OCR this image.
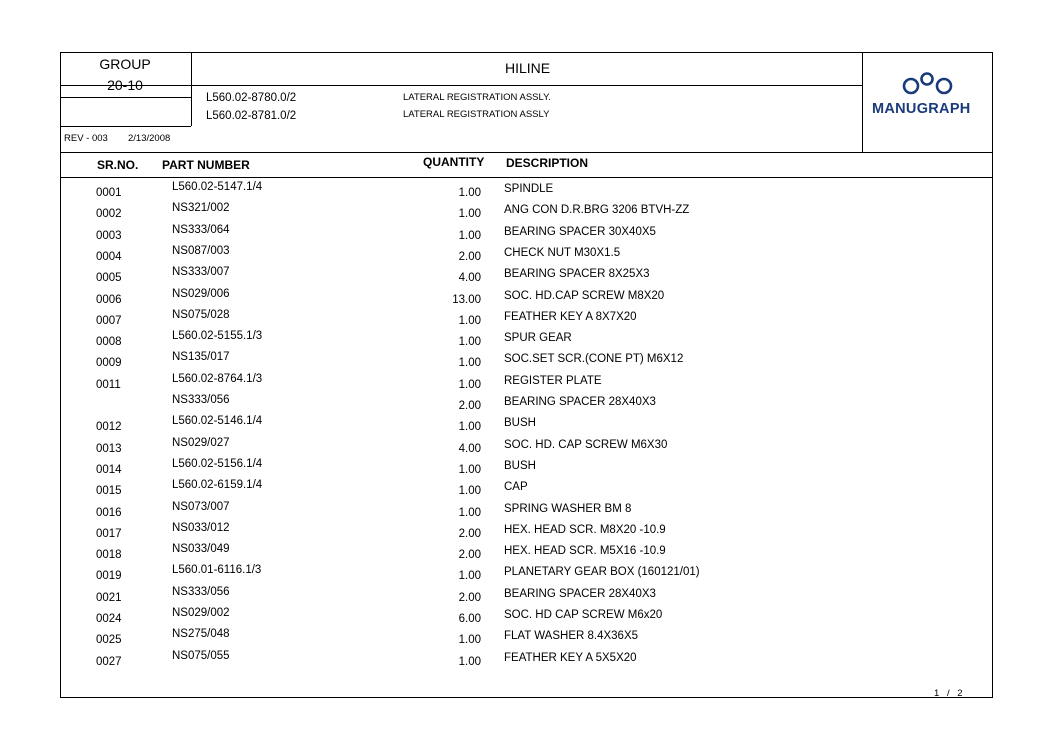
GROUP
20-10
HILINE
L560.02-8780.0/2	LATERAL REGISTRATION ASSLY.
L560.02-8781.0/2	LATERAL REGISTRATION ASSLY
REV - 003 2/13/2008
MANUGRAPH
SR.NO. PART NUMBER	QUANTITY DESCRIPTION
0001	L560.02-5147.1/4	1.00 SPINDLE
0002	NS321/002	1.00 ANG CON D.R.BRG 3206 BTVH-ZZ
0003	NS333/064	1.00 BEARING SPACER 30X40X5
0004	NS087/003	2.00 CHECK NUT M30X1.5
0005	NS333/007	4.00 BEARING SPACER 8X25X3
0006	NS029/006	13.00 SOC. HD.CAP SCREW M8X20
0007	NS075/028	1.00 FEATHER KEY A 8X7X20
0008	L560.02-5155.1/3	1.00 SPUR GEAR
0009	NS135/017	1.00 SOC.SET SCR.(CONE PT) M6X12
0011	L560.02-8764.1/3	1.00 REGISTER PLATE
NS333/056	2.00 BEARING SPACER 28X40X3
0012	L560.02-5146.1/4	1.00 BUSH
0013	NS029/027	4.00 SOC. HD. CAP SCREW M6X30
0014	L560.02-5156.1/4	1.00 BUSH
0015	L560.02-6159.1/4	1.00 CAP
0016	NS073/007	1.00 SPRING WASHER BM 8
0017	NS033/012	2.00 HEX. HEAD SCR. M8X20 -10.9
0018	NS033/049	2.00 HEX. HEAD SCR. M5X16 -10.9
0019	L560.01-6116.1/3	1.00 PLANETARY GEAR BOX (160121/01)
0021	NS333/056	2.00 BEARING SPACER 28X40X3
0024	NS029/002	6.00 SOC. HD CAP SCREW M6x20
0025	NS275/048	1.00 FLAT WASHER 8.4X36X5
0027	NS075/055	1.00 FEATHER KEY A 5X5X20
1 / 2
